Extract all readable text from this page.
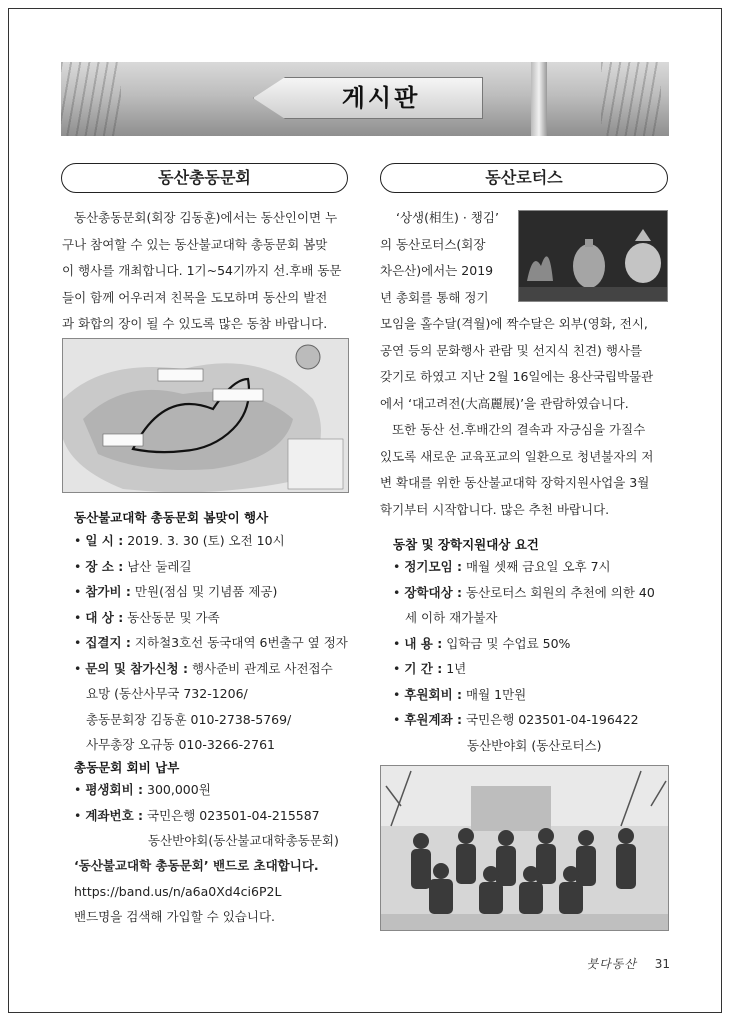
게시판
동산총동문회	동산로터스
동산총동문회(회장 김동훈)에서는 동산인이면 누
구나 참여할 수 있는 동산불교대학 총동문회 봄맞
이 행사를 개최합니다. 1기~54기까지 선.후배 동문
들이 함께 어우러져 친목을 도모하며 동산의 발전
과 화합의 장이 될 수 있도록 많은 동참 바랍니다.
동산불교대학 총동문회 봄맞이 행사
• 일 시 : 2019. 3. 30 (토) 오전 10시
• 장 소 : 남산 둘레길
• 참가비 : 만원(점심 및 기념품 제공)
• 대 상 : 동산동문 및 가족
• 집결지 : 지하철3호선 동국대역 6번출구 옆 정자
• 문의 및 참가신청 : 행사준비 관계로 사전접수
요망 (동산사무국 732-1206/
총동문회장 김동훈 010-2738-5769/
사무총장 오규동 010-3266-2761
총동문회 회비 납부
• 평생회비 : 300,000원
• 계좌번호 : 국민은행 023501-04-215587
동산반야회(동산불교대학총동문회)
‘동산불교대학 총동문회’ 밴드로 초대합니다.
https://band.us/n/a6a0Xd4ci6P2L
밴드명을 검색해 가입할 수 있습니다.
‘상생(相生) · 챙김’
의 동산로터스(회장
차은산)에서는 2019
년 총회를 통해 정기
모임을 홀수달(격월)에 짝수달은 외부(영화, 전시,
공연 등의 문화행사 관람 및 선지식 친견) 행사를
갖기로 하였고 지난 2월 16일에는 용산국립박물관
에서 ‘대고려전(大高麗展)’을 관람하였습니다.
또한 동산 선.후배간의 결속과 자긍심을 가질수
있도록 새로운 교육포교의 일환으로 청년불자의 저
변 확대를 위한 동산불교대학 장학지원사업을 3월
학기부터 시작합니다. 많은 추천 바랍니다.
동참 및 장학지원대상 요건
• 정기모임 : 매월 셋째 금요일 오후 7시
• 장학대상 : 동산로터스 회원의 추천에 의한 40
세 이하 재가불자
• 내 용 : 입학금 및 수업료 50%
• 기 간 : 1년
• 후원회비 : 매월 1만원
• 후원계좌 : 국민은행 023501-04-196422
동산반야회 (동산로터스)
붓다동산 31
